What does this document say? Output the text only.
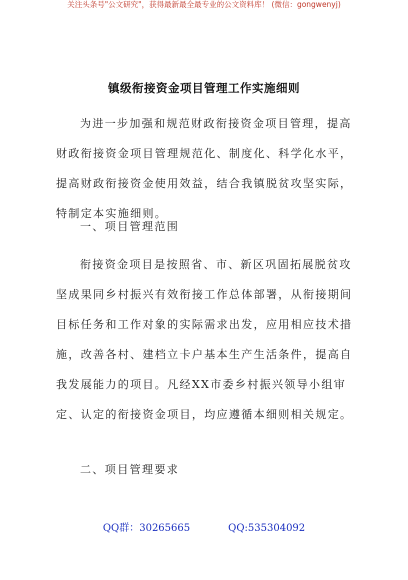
关注头条号"公文研究"，获得最新最全最专业的公文资料库！ (微信：gongwenyj)
镇级衔接资金项目管理工作实施细则

为进一步加强和规范财政衔接资金项目管理，提高财政衔接资金项目管理规范化、制度化、科学化水平，提高财政衔接资金使用效益，结合我镇脱贫攻坚实际，特制定本实施细则。

一、项目管理范围

衔接资金项目是按照省、市、新区巩固拓展脱贫攻坚成果同乡村振兴有效衔接工作总体部署，从衔接期间目标任务和工作对象的实际需求出发，应用相应技术措施，改善各村、建档立卡户基本生产生活条件，提高自我发展能力的项目。凡经XX市委乡村振兴领导小组审定、认定的衔接资金项目，均应遵循本细则相关规定。

二、项目管理要求
QQ群：30265665	QQ:535304092
